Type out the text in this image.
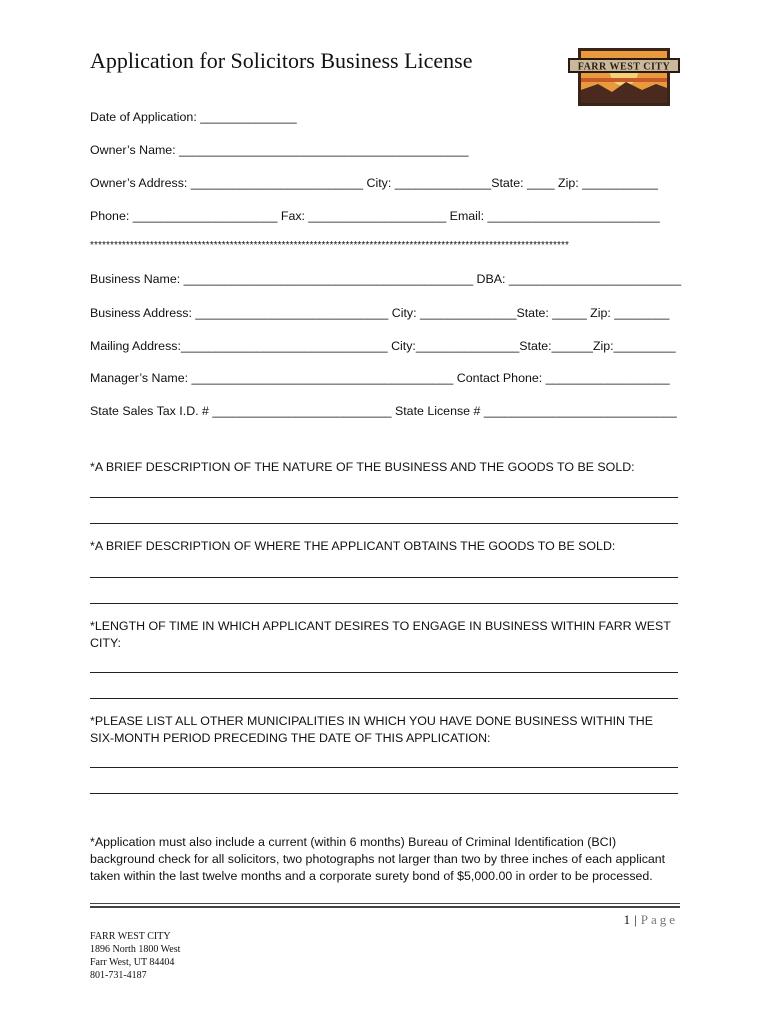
Application for Solicitors Business License	FARR WEST CITY
Date of Application: ______________
Owner’s Name: __________________________________________
Owner’s Address: _________________________ City: ______________State: ____ Zip: ___________
Phone: _____________________ Fax: ____________________ Email: _________________________
************************************************************************************************************************
Business Name: __________________________________________ DBA: _________________________
Business Address: ____________________________ City: ______________State: _____ Zip: ________
Mailing Address:______________________________ City:_______________State:______Zip:_________
Manager’s Name: ______________________________________ Contact Phone: __________________
State Sales Tax I.D. # __________________________ State License # ____________________________

*A BRIEF DESCRIPTION OF THE NATURE OF THE BUSINESS AND THE GOODS TO BE SOLD:

*A BRIEF DESCRIPTION OF WHERE THE APPLICANT OBTAINS THE GOODS TO BE SOLD:

*LENGTH OF TIME IN WHICH APPLICANT DESIRES TO ENGAGE IN BUSINESS WITHIN FARR WEST CITY:

*PLEASE LIST ALL OTHER MUNICIPALITIES IN WHICH YOU HAVE DONE BUSINESS WITHIN THE SIX-MONTH PERIOD PRECEDING THE DATE OF THIS APPLICATION:

*Application must also include a current (within 6 months) Bureau of Criminal Identification (BCI) background check for all solicitors, two photographs not larger than two by three inches of each applicant taken within the last twelve months and a corporate surety bond of $5,000.00 in order to be processed.

1 | Page
FARR WEST CITY
1896 North 1800 West
Farr West, UT 84404
801-731-4187
